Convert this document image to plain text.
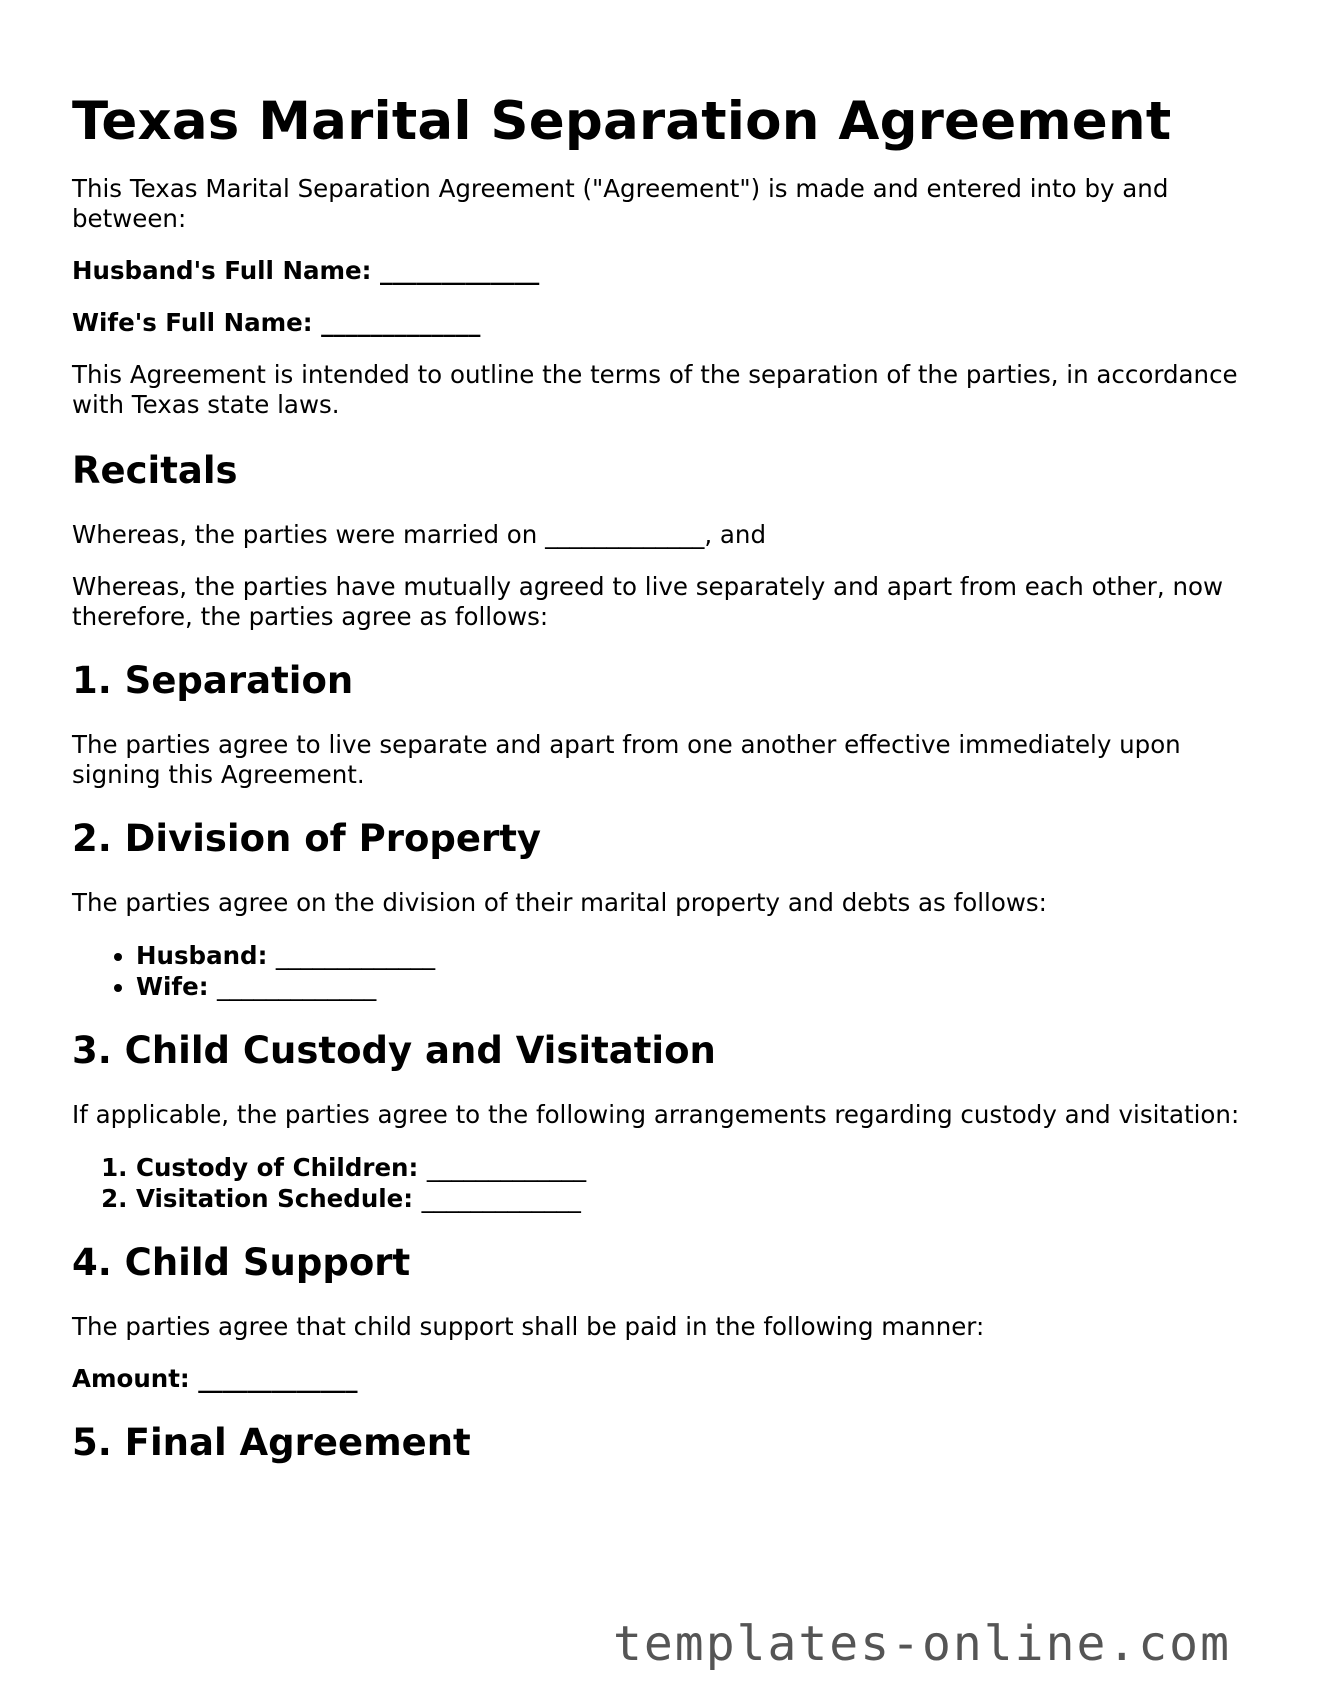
Texas Marital Separation Agreement

This Texas Marital Separation Agreement ("Agreement") is made and entered into by and between:

Husband's Full Name: _____________

Wife's Full Name: _____________

This Agreement is intended to outline the terms of the separation of the parties, in accordance with Texas state laws.

Recitals

Whereas, the parties were married on _____________, and

Whereas, the parties have mutually agreed to live separately and apart from each other, now therefore, the parties agree as follows:

1. Separation

The parties agree to live separate and apart from one another effective immediately upon signing this Agreement.

2. Division of Property

The parties agree on the division of their marital property and debts as follows:

• Husband: _____________
• Wife: _____________
3. Child Custody and Visitation

If applicable, the parties agree to the following arrangements regarding custody and visitation:

1. Custody of Children: _____________
2. Visitation Schedule: _____________
4. Child Support

The parties agree that child support shall be paid in the following manner:

Amount: _____________

5. Final Agreement
templates-online.com
